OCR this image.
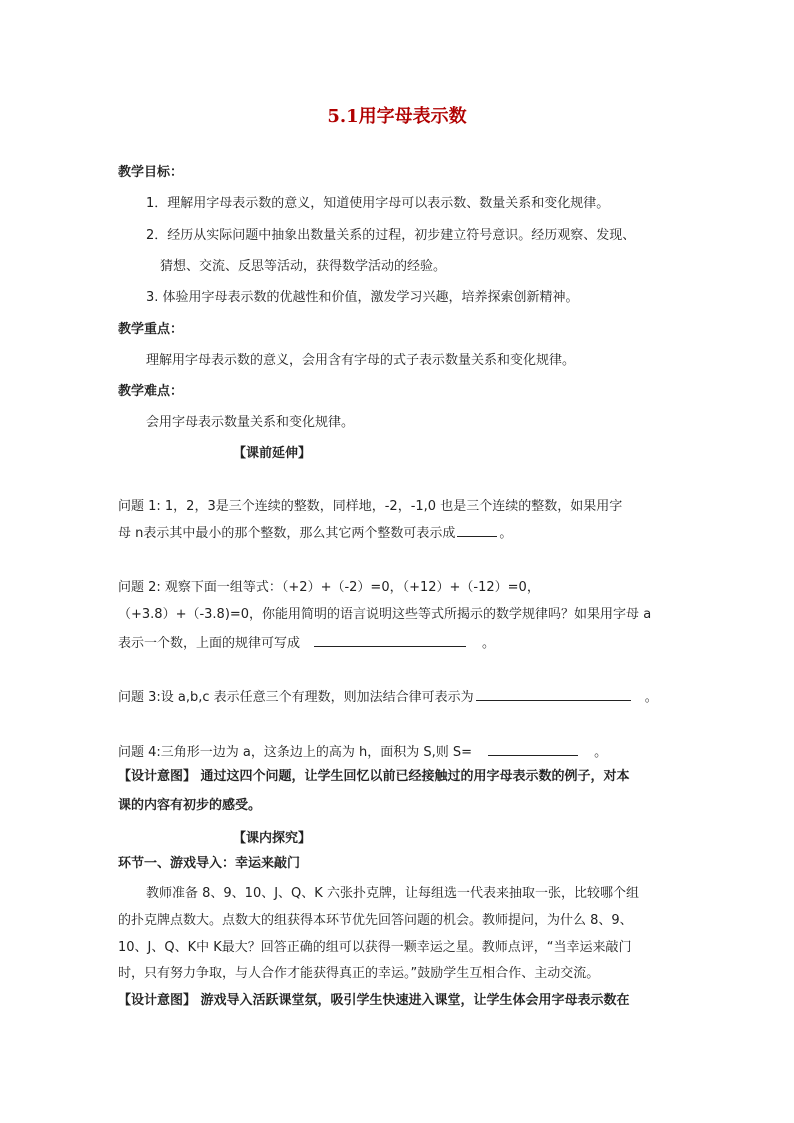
5.1用字母表示数
教学目标：
1．理解用字母表示数的意义，知道使用字母可以表示数、数量关系和变化规律。
2．经历从实际问题中抽象出数量关系的过程，初步建立符号意识。经历观察、发现、
猜想、交流、反思等活动，获得数学活动的经验。
3. 体验用字母表示数的优越性和价值，激发学习兴趣，培养探索创新精神。
教学重点：
理解用字母表示数的意义，会用含有字母的式子表示数量关系和变化规律。
教学难点：
会用字母表示数量关系和变化规律。
【课前延伸】
问题 1: 1，2，3是三个连续的整数，同样地，-2，-1,0 也是三个连续的整数，如果用字
母 n表示其中最小的那个整数，那么其它两个整数可表示成	。
问题 2: 观察下面一组等式：（+2）+（-2）=0，（+12）+（-12）=0，
（+3.8）+（-3.8)=0，你能用简明的语言说明这些等式所揭示的数学规律吗？如果用字母 a
表示一个数，上面的规律可写成	。
问题 3:设 a,b,c 表示任意三个有理数，则加法结合律可表示为	。
问题 4:三角形一边为 a，这条边上的高为 h，面积为 S,则 S=	。
【设计意图】 通过这四个问题，让学生回忆以前已经接触过的用字母表示数的例子，对本
课的内容有初步的感受。
【课内探究】
环节一、游戏导入：幸运来敲门
教师准备 8、9、10、J、Q、K 六张扑克牌，让每组选一代表来抽取一张，比较哪个组
的扑克牌点数大。点数大的组获得本环节优先回答问题的机会。教师提问，为什么 8、9、
10、J、Q、K中 K最大？回答正确的组可以获得一颗幸运之星。教师点评，“当幸运来敲门
时，只有努力争取，与人合作才能获得真正的幸运。”鼓励学生互相合作、主动交流。
【设计意图】 游戏导入活跃课堂氛，吸引学生快速进入课堂，让学生体会用字母表示数在
